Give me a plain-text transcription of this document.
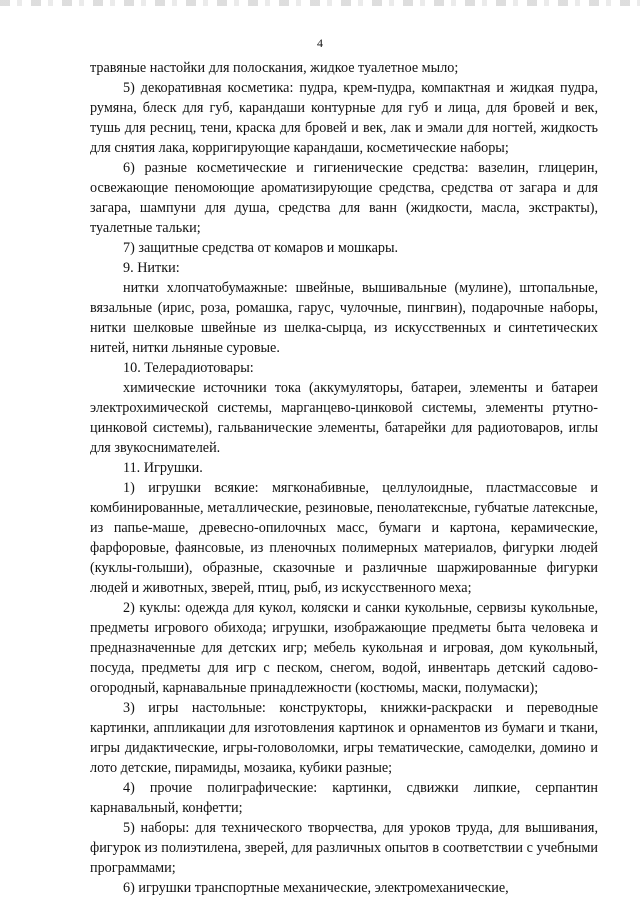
4

травяные настойки для полоскания, жидкое туалетное мыло;

5) декоративная косметика: пудра, крем-пудра, компактная и жидкая пудра, румяна, блеск для губ, карандаши контурные для губ и лица, для бровей и век, тушь для ресниц, тени, краска для бровей и век, лак и эмали для ногтей, жидкость для снятия лака, корригирующие карандаши, косметические наборы;

6) разные косметические и гигиенические средства: вазелин, глицерин, освежающие пеномоющие ароматизирующие средства, средства от загара и для загара, шампуни для душа, средства для ванн (жидкости, масла, экстракты), туалетные тальки;

7) защитные средства от комаров и мошкары.

9. Нитки:

нитки хлопчатобумажные: швейные, вышивальные (мулине), штопальные, вязальные (ирис, роза, ромашка, гарус, чулочные, пингвин), подарочные наборы, нитки шелковые швейные из шелка-сырца, из искусственных и синтетических нитей, нитки льняные суровые.

10. Телерадиотовары:

химические источники тока (аккумуляторы, батареи, элементы и батареи электрохимической системы, марганцево-цинковой системы, элементы ртутно-цинковой системы), гальванические элементы, батарейки для радиотоваров, иглы для звукоснимателей.

11. Игрушки.

1) игрушки всякие: мягконабивные, целлулоидные, пластмассовые и комбинированные, металлические, резиновые, пенолатексные, губчатые латексные, из папье-маше, древесно-опилочных масс, бумаги и картона, керамические, фарфоровые, фаянсовые, из пленочных полимерных материалов, фигурки людей (куклы-голыши), образные, сказочные и различные шаржированные фигурки людей и животных, зверей, птиц, рыб, из искусственного меха;

2) куклы: одежда для кукол, коляски и санки кукольные, сервизы кукольные, предметы игрового обихода; игрушки, изображающие предметы быта человека и предназначенные для детских игр; мебель кукольная и игровая, дом кукольный, посуда, предметы для игр с песком, снегом, водой, инвентарь детский садово-огородный, карнавальные принадлежности (костюмы, маски, полумаски);

3) игры настольные: конструкторы, книжки-раскраски и переводные картинки, аппликации для изготовления картинок и орнаментов из бумаги и ткани, игры дидактические, игры-головоломки, игры тематические, самоделки, домино и лото детские, пирамиды, мозаика, кубики разные;

4) прочие полиграфические: картинки, сдвижки липкие, серпантин карнавальный, конфетти;

5) наборы: для технического творчества, для уроков труда, для вышивания, фигурок из полиэтилена, зверей, для различных опытов в соответствии с учебными программами;

6) игрушки транспортные механические, электромеханические,
